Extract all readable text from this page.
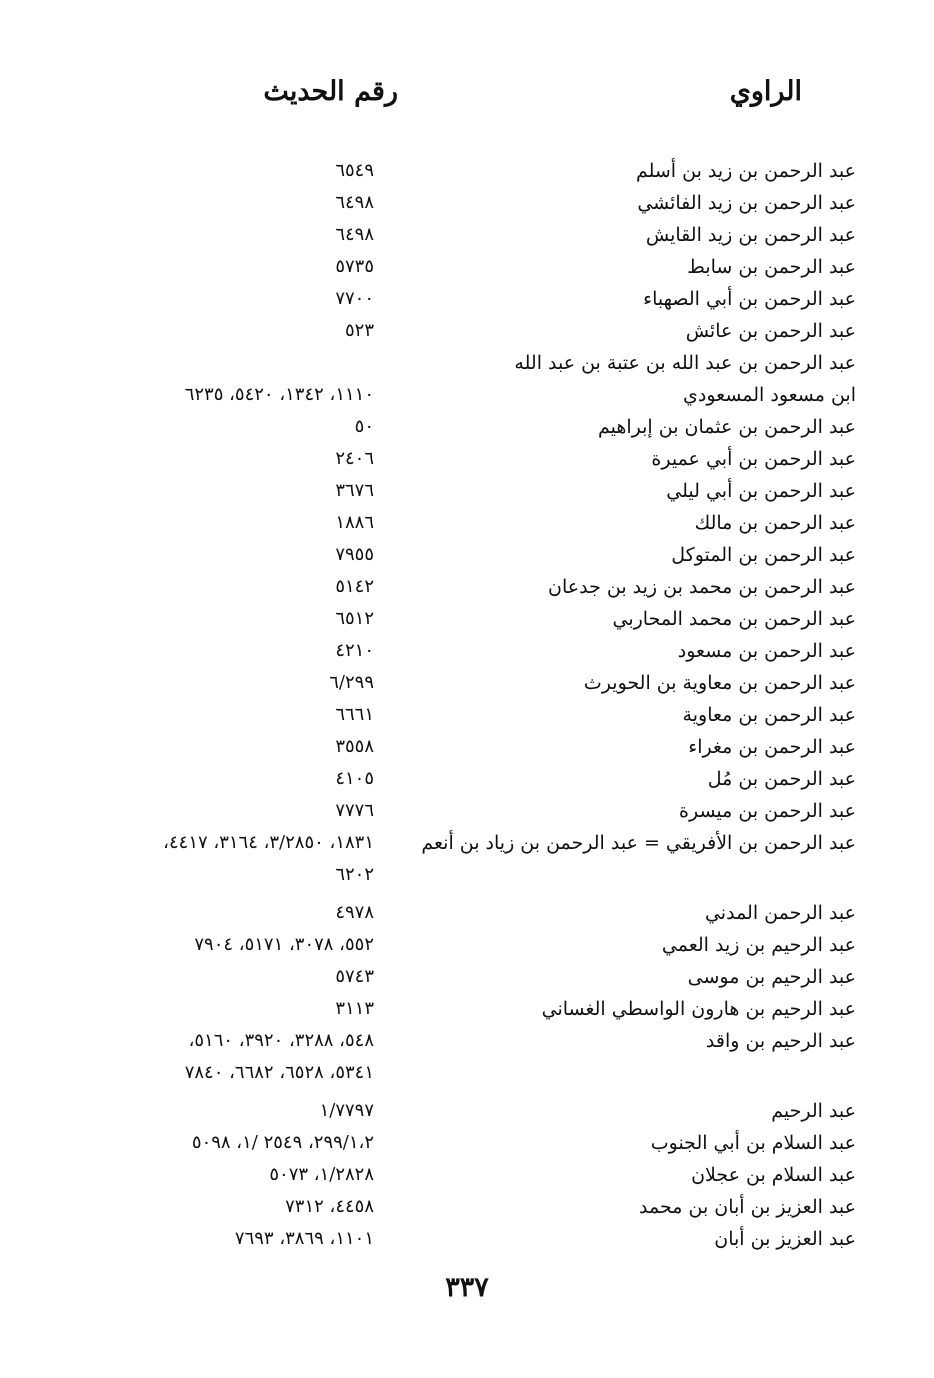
الراوي
رقم الحديث
عبد الرحمن بن زيد بن أسلم
٦٥٤٩
عبد الرحمن بن زيد الفائشي
٦٤٩٨
عبد الرحمن بن زيد القايش
٦٤٩٨
عبد الرحمن بن سابط
٥٧٣٥
عبد الرحمن بن أبي الصهباء
٧٧٠٠
عبد الرحمن بن عائش
٥٢٣
عبد الرحمن بن عبد الله بن عتبة بن عبد الله
ابن مسعود المسعودي
١١١٠، ١٣٤٢، ٥٤٢٠، ٦٢٣٥
عبد الرحمن بن عثمان بن إبراهيم
٥٠
عبد الرحمن بن أبي عميرة
٢٤٠٦
عبد الرحمن بن أبي ليلي
٣٦٧٦
عبد الرحمن بن مالك
١٨٨٦
عبد الرحمن بن المتوكل
٧٩٥٥
عبد الرحمن بن محمد بن زيد بن جدعان
٥١٤٢
عبد الرحمن بن محمد المحاربي
٦٥١٢
عبد الرحمن بن مسعود
٤٢١٠
عبد الرحمن بن معاوية بن الحويرث
٦/٢٩٩
عبد الرحمن بن معاوية
٦٦٦١
عبد الرحمن بن مغراء
٣٥٥٨
عبد الرحمن بن مُل
٤١٠٥
عبد الرحمن بن ميسرة
٧٧٧٦
عبد الرحمن بن الأفريقي = عبد الرحمن بن زياد بن أنعم
١٨٣١، ٣/٢٨٥٠، ٣١٦٤، ٤٤١٧،
٦٢٠٢
عبد الرحمن المدني
٤٩٧٨
عبد الرحيم بن زيد العمي
٥٥٢، ٣٠٧٨، ٥١٧١، ٧٩٠٤
عبد الرحيم بن موسى
٥٧٤٣
عبد الرحيم بن هارون الواسطي الغساني
٣١١٣
عبد الرحيم بن واقد
٥٤٨، ٣٢٨٨، ٣٩٢٠، ٥١٦٠،
٥٣٤١، ٦٥٢٨، ٦٦٨٢، ٧٨٤٠
عبد الرحيم
١/٧٧٩٧
عبد السلام بن أبي الجنوب
٢٩٩/١،٢، ٢٥٤٩ /١، ٥٠٩٨
عبد السلام بن عجلان
١/٢٨٢٨، ٥٠٧٣
عبد العزيز بن أبان بن محمد
٤٤٥٨، ٧٣١٢
عبد العزيز بن أبان
١١٠١، ٣٨٦٩، ٧٦٩٣
٣٣٧
